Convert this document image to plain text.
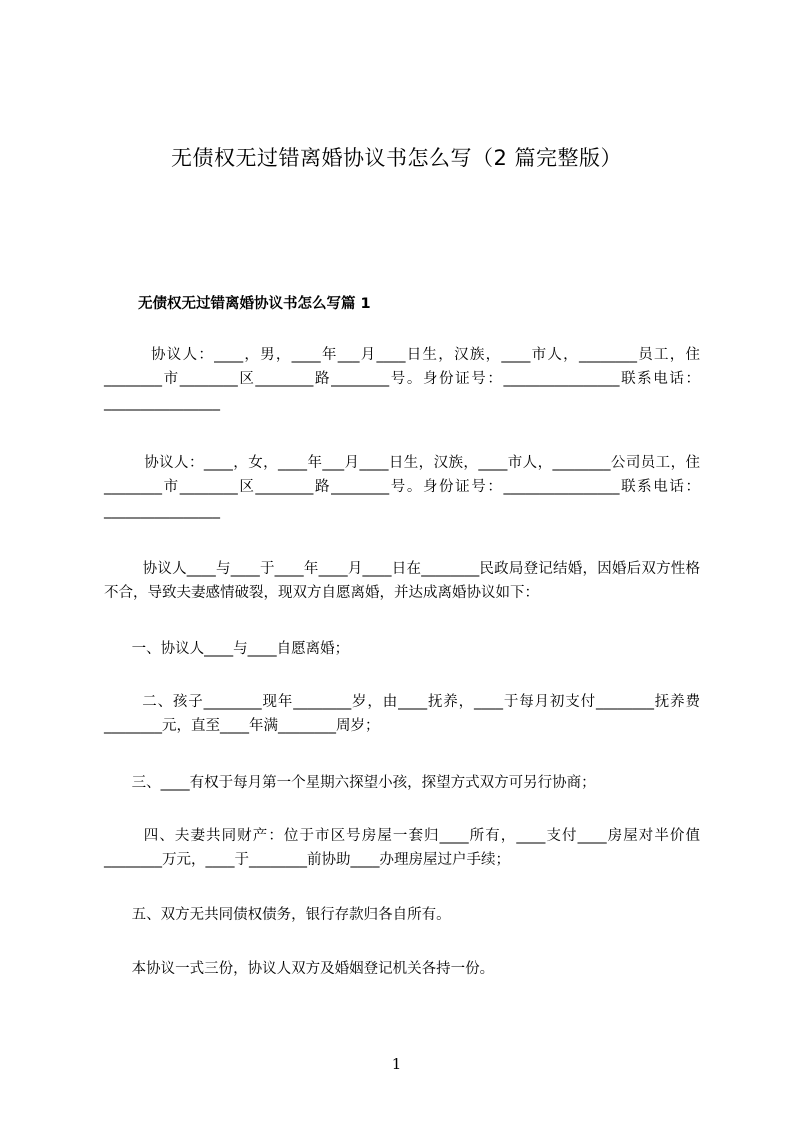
无债权无过错离婚协议书怎么写（2 篇完整版）
无债权无过错离婚协议书怎么写篇 1
协议人：____，男，____年___月____日生，汉族，____市人，________员工，住________市________区________路________号。身份证号：________________联系电话：________________
协议人：____，女，____年___月____日生，汉族，____市人，________公司员工，住________市________区________路________号。身份证号：________________联系电话：________________
协议人____与____于____年____月____日在________民政局登记结婚，因婚后双方性格不合，导致夫妻感情破裂，现双方自愿离婚，并达成离婚协议如下：
一、协议人____与____自愿离婚；
二、孩子________现年________岁，由____抚养，____于每月初支付________抚养费________元，直至____年满________周岁；
三、____有权于每月第一个星期六探望小孩，探望方式双方可另行协商；
四、夫妻共同财产：位于市区号房屋一套归____所有，____支付____房屋对半价值________万元，____于________前协助____办理房屋过户手续；
五、双方无共同债权债务，银行存款归各自所有。
本协议一式三份，协议人双方及婚姻登记机关各持一份。
1
